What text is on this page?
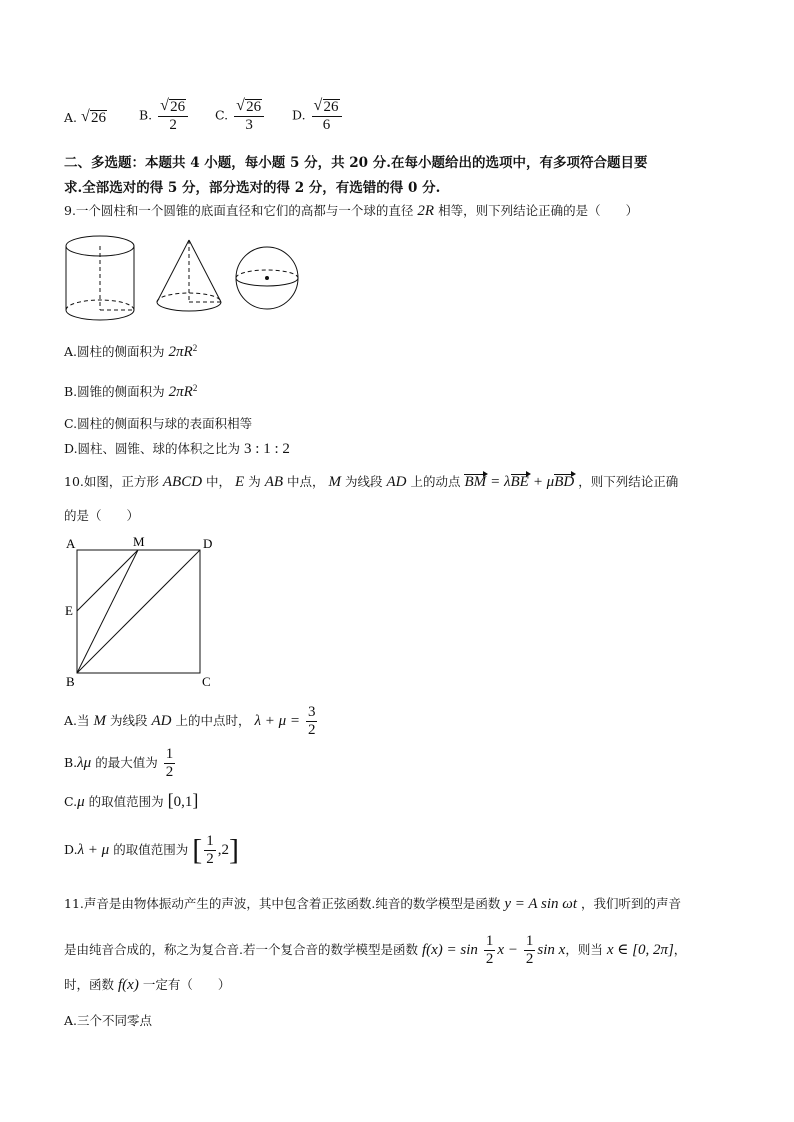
A. √ 26	B. $\frac{√ 26}{2} C$. $\frac{√ 26}{3} D$. $\frac{√ 26}{6}$
二、多选题：本题共 4 小题，每小题 5 分，共 20 分.在每小题给出的选项中，有多项符合题目要
求.全部选对的得 5 分，部分选对的得 2 分，有选错的得 0 分.
9.一个圆柱和一个圆锥的底面直径和它们的高都与一个球的直径 2R 相等，则下列结论正确的是（　　）
A.圆柱的侧面积为 $2\pi R^2$
B.圆锥的侧面积为 $2\pi R^2$
C.圆柱的侧面积与球的表面积相等
D.圆柱、圆锥、球的体积之比为 3 : 1 : 2
10.如图，正方形 ABCD 中， E 为 AB 中点， M 为线段 AD 上的动点 BM = λBE + μBD ，则下列结论正确
的是（　　）
A	M	D
E
B	C
A.当 M 为线段 AD 上的中点时， $\lambda + \mu = \frac{3}{2}$
B.λμ 的最大值为 $\frac{1}{2}$
C.μ 的取值范围为 [0,1]
D.λ + μ 的取值范围为 [ $\frac{1}{2} ,2$]
11.声音是由物体振动产生的声波，其中包含着正弦函数.纯音的数学模型是函数 y = A sin ωt ，我们听到的声音
是由纯音合成的，称之为复合音.若一个复合音的数学模型是函数 $f(x) = \sin \frac{1}{2}$ $x - \frac{1}{2}$ sin x，则当 x ∈ [0, 2π]，
时，函数 f(x) 一定有（　　）
A.三个不同零点
